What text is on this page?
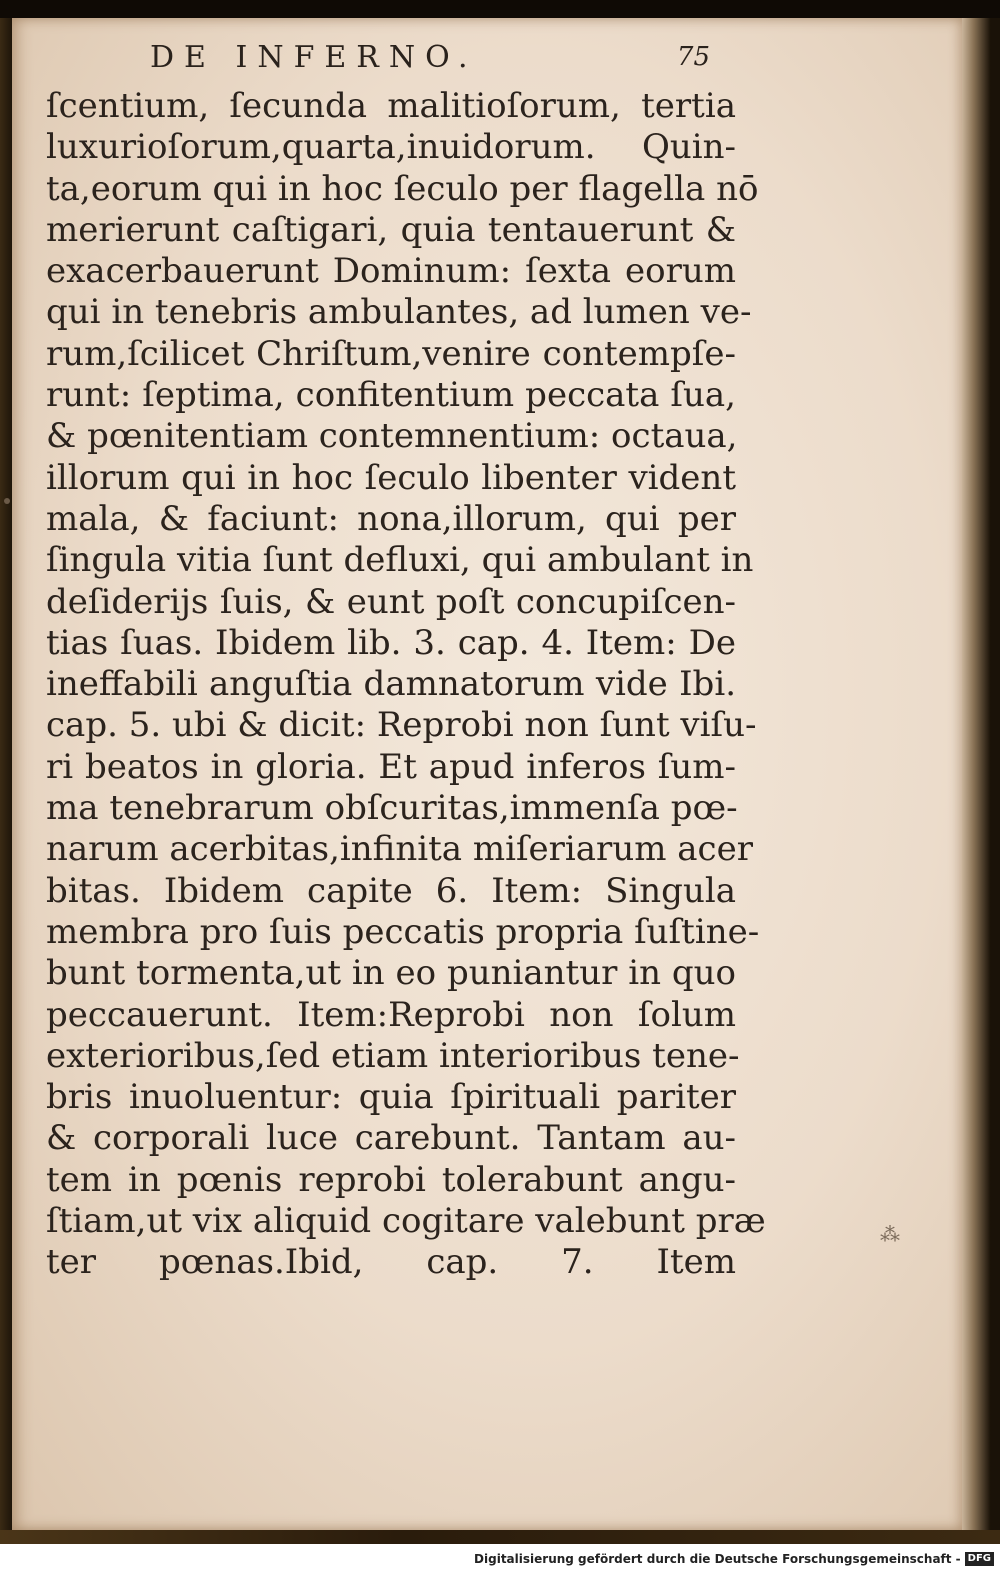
DE INFERNO.	75
ſcentium, ſecunda malitioſorum, tertia
luxurioſorum,quarta,inuidorum. Quin-
ta,eorum qui in hoc ſeculo per flagella nō
merierunt caſtigari, quia tentauerunt &
exacerbauerunt Dominum: ſexta eorum
qui in tenebris ambulantes, ad lumen ve-
rum,ſcilicet Chriſtum,venire contempſe-
runt: ſeptima, confitentium peccata ſua,
& pœnitentiam contemnentium: octaua,
illorum qui in hoc ſeculo libenter vident
mala, & faciunt: nona,illorum, qui per
ſingula vitia ſunt defluxi, qui ambulant in
deſiderijs ſuis, & eunt poſt concupiſcen-
tias ſuas. Ibidem lib. 3. cap. 4. Item: De
ineffabili anguſtia damnatorum vide Ibi.
cap. 5. ubi & dicit: Reprobi non ſunt viſu-
ri beatos in gloria. Et apud inferos ſum-
ma tenebrarum obſcuritas,immenſa pœ-
narum acerbitas,infinita miſeriarum acer
bitas. Ibidem capite 6. Item: Singula
membra pro ſuis peccatis propria ſuſtine-
bunt tormenta,ut in eo puniantur in quo
peccauerunt. Item:Reprobi non ſolum
exterioribus,ſed etiam interioribus tene-
bris inuoluentur: quia ſpirituali pariter
& corporali luce carebunt. Tantam au-
tem in pœnis reprobi tolerabunt angu-
ſtiam,ut vix aliquid cogitare valebunt præ
ter pœnas.Ibid, cap. 7. Item
⁂
Digitalisierung gefördert durch die Deutsche Forschungsgemeinschaft - DFG
